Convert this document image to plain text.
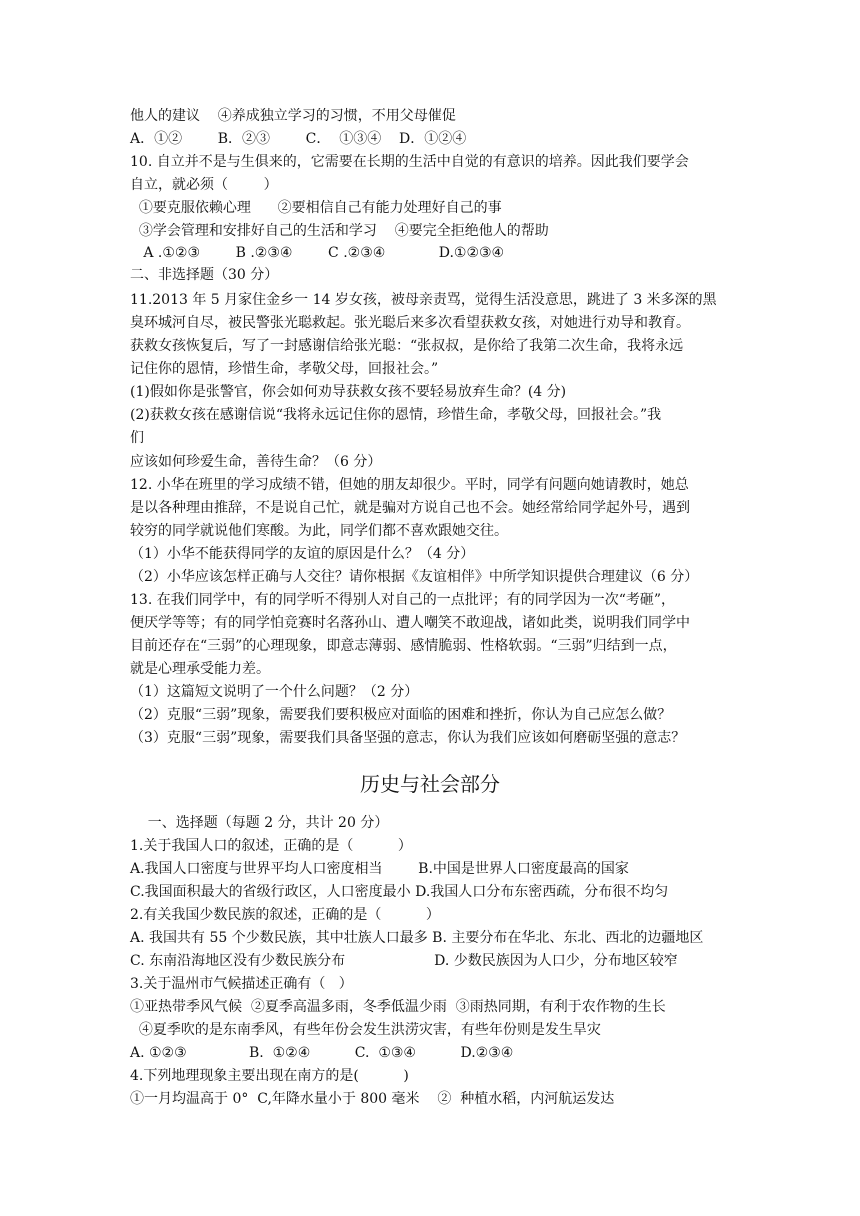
他人的建议    ④养成独立学习的习惯，不用父母催促
A．①②        B．②③        C．  ①③④    D．①②④
10. 自立并不是与生俱来的，它需要在长期的生活中自觉的有意识的培养。因此我们要学会
自立，就必须（        ）
①要克服依赖心理      ②要相信自己有能力处理好自己的事
③学会管理和安排好自己的生活和学习    ④要完全拒绝他人的帮助
A .①②③        B .②③④        C .②③④            D.①②③④
二、非选择题（30 分）
11.2013 年 5 月家住金乡一 14 岁女孩，被母亲责骂，觉得生活没意思，跳进了 3 米多深的黑
臭环城河自尽，被民警张光聪救起。张光聪后来多次看望获救女孩，对她进行劝导和教育。
获救女孩恢复后，写了一封感谢信给张光聪：“张叔叔，是你给了我第二次生命，我将永远
记住你的恩情，珍惜生命，孝敬父母，回报社会。”
(1)假如你是张警官，你会如何劝导获救女孩不要轻易放弃生命？(4 分)
(2)获救女孩在感谢信说“我将永远记住你的恩情，珍惜生命，孝敬父母，回报社会。”我
们
应该如何珍爱生命，善待生命？（6 分）
12. 小华在班里的学习成绩不错，但她的朋友却很少。平时，同学有问题向她请教时，她总
是以各种理由推辞，不是说自己忙，就是骗对方说自己也不会。她经常给同学起外号，遇到
较穷的同学就说他们寒酸。为此，同学们都不喜欢跟她交往。
（1）小华不能获得同学的友谊的原因是什么？（4 分）
（2）小华应该怎样正确与人交往？请你根据《友谊相伴》中所学知识提供合理建议（6 分）
13. 在我们同学中，有的同学听不得别人对自己的一点批评；有的同学因为一次“考砸”，
便厌学等等；有的同学怕竞赛时名落孙山、遭人嘲笑不敢迎战，诸如此类，说明我们同学中
目前还存在“三弱”的心理现象，即意志薄弱、感情脆弱、性格软弱。“三弱”归结到一点，
就是心理承受能力差。
（1）这篇短文说明了一个什么问题？（2 分）
（2）克服“三弱”现象，需要我们要积极应对面临的困难和挫折，你认为自己应怎么做？
（3）克服“三弱”现象，需要我们具备坚强的意志，你认为我们应该如何磨砺坚强的意志？
历史与社会部分
一、选择题（每题 2 分，共计 20 分）
1.关于我国人口的叙述，正确的是（          ）
A.我国人口密度与世界平均人口密度相当        B.中国是世界人口密度最高的国家
C.我国面积最大的省级行政区，人口密度最小 D.我国人口分布东密西疏，分布很不均匀
2.有关我国少数民族的叙述，正确的是（          ）
A. 我国共有 55 个少数民族，其中壮族人口最多 B. 主要分布在华北、东北、西北的边疆地区
C. 东南沿海地区没有少数民族分布                    D. 少数民族因为人口少，分布地区较窄
3.关于温州市气候描述正确有（   ）
①亚热带季风气候  ②夏季高温多雨，冬季低温少雨  ③雨热同期，有利于农作物的生长
④夏季吹的是东南季风，有些年份会发生洪涝灾害，有些年份则是发生旱灾
A. ①②③              B.  ①②④          C.  ①③④          D.②③④
4.下列地理现象主要出现在南方的是(          )
①一月均温高于 0°  C,年降水量小于 800 毫米    ②  种植水稻，内河航运发达
